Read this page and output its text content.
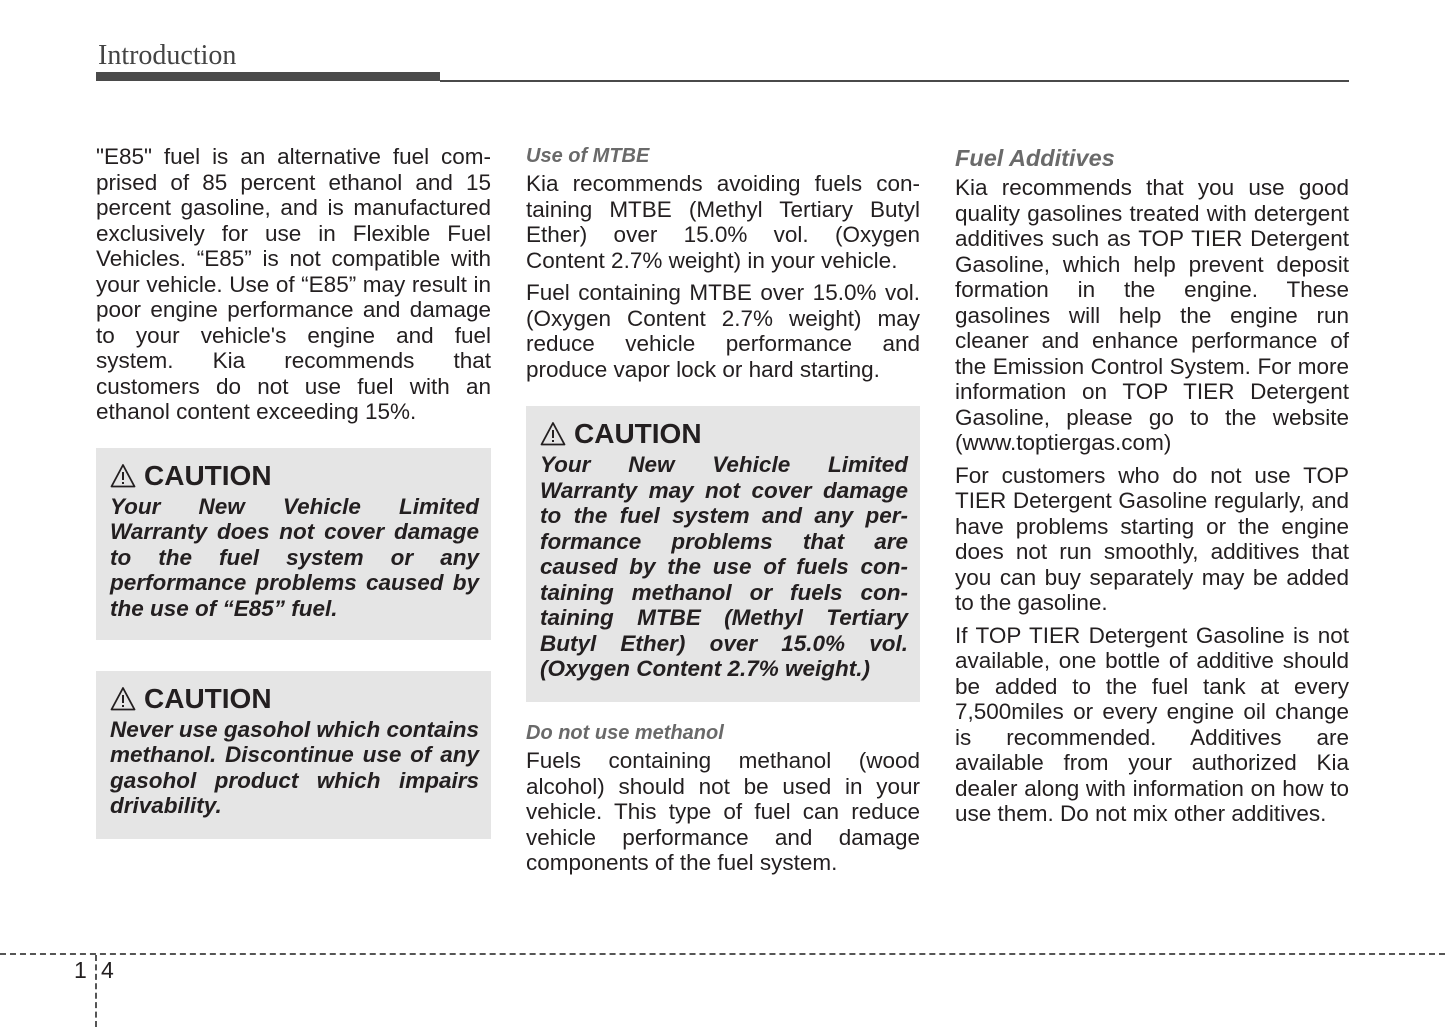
Introduction

"E85" fuel is an alternative fuel comprised of 85 percent ethanol and 15 percent gasoline, and is manufactured exclusively for use in Flexible Fuel Vehicles. “E85” is not compatible with your vehicle. Use of “E85” may result in poor engine performance and damage to your vehicle's engine and fuel system. Kia recommends that customers do not use fuel with an ethanol content exceeding 15%.

CAUTION

Your New Vehicle Limited Warranty does not cover damage to the fuel system or any performance problems caused by the use of “E85” fuel.

CAUTION

Never use gasohol which contains methanol. Discontinue use of any gasohol product which impairs drivability.

Use of MTBE

Kia recommends avoiding fuels containing MTBE (Methyl Tertiary Butyl Ether) over 15.0% vol. (Oxygen Content 2.7% weight) in your vehicle.

Fuel containing MTBE over 15.0% vol. (Oxygen Content 2.7% weight) may reduce vehicle performance and produce vapor lock or hard starting.

CAUTION

Your New Vehicle Limited Warranty may not cover damage to the fuel system and any performance problems that are caused by the use of fuels containing methanol or fuels containing MTBE (Methyl Tertiary Butyl Ether) over 15.0% vol. (Oxygen Content 2.7% weight.)

Do not use methanol

Fuels containing methanol (wood alcohol) should not be used in your vehicle. This type of fuel can reduce vehicle performance and damage components of the fuel system.

Fuel Additives

Kia recommends that you use good quality gasolines treated with detergent additives such as TOP TIER Detergent Gasoline, which help prevent deposit formation in the engine. These gasolines will help the engine run cleaner and enhance performance of the Emission Control System. For more information on TOP TIER Detergent Gasoline, please go to the website (www.toptiergas.com)

For customers who do not use TOP TIER Detergent Gasoline regularly, and have problems starting or the engine does not run smoothly, additives that you can buy separately may be added to the gasoline.

If TOP TIER Detergent Gasoline is not available, one bottle of additive should be added to the fuel tank at every 7,500miles or every engine oil change is recommended. Additives are available from your authorized Kia dealer along with information on how to use them. Do not mix other additives.

1 4
